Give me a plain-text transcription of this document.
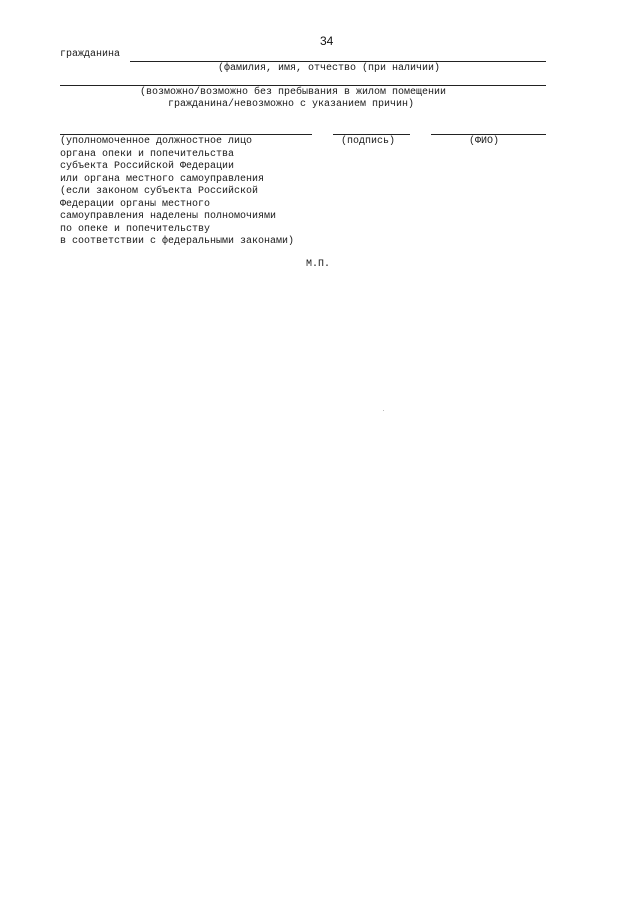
34
гражданина
(фамилия, имя, отчество (при наличии)
(возможно/возможно без пребывания в жилом помещении
гражданина/невозможно с указанием причин)
(уполномоченное должностное лицо
органа опеки и попечительства
субъекта Российской Федерации
или органа местного самоуправления
(если законом субъекта Российской
Федерации органы местного
самоуправления наделены полномочиями
по опеке и попечительству
в соответствии с федеральными законами)
(подпись)	(ФИО)
М.П.
